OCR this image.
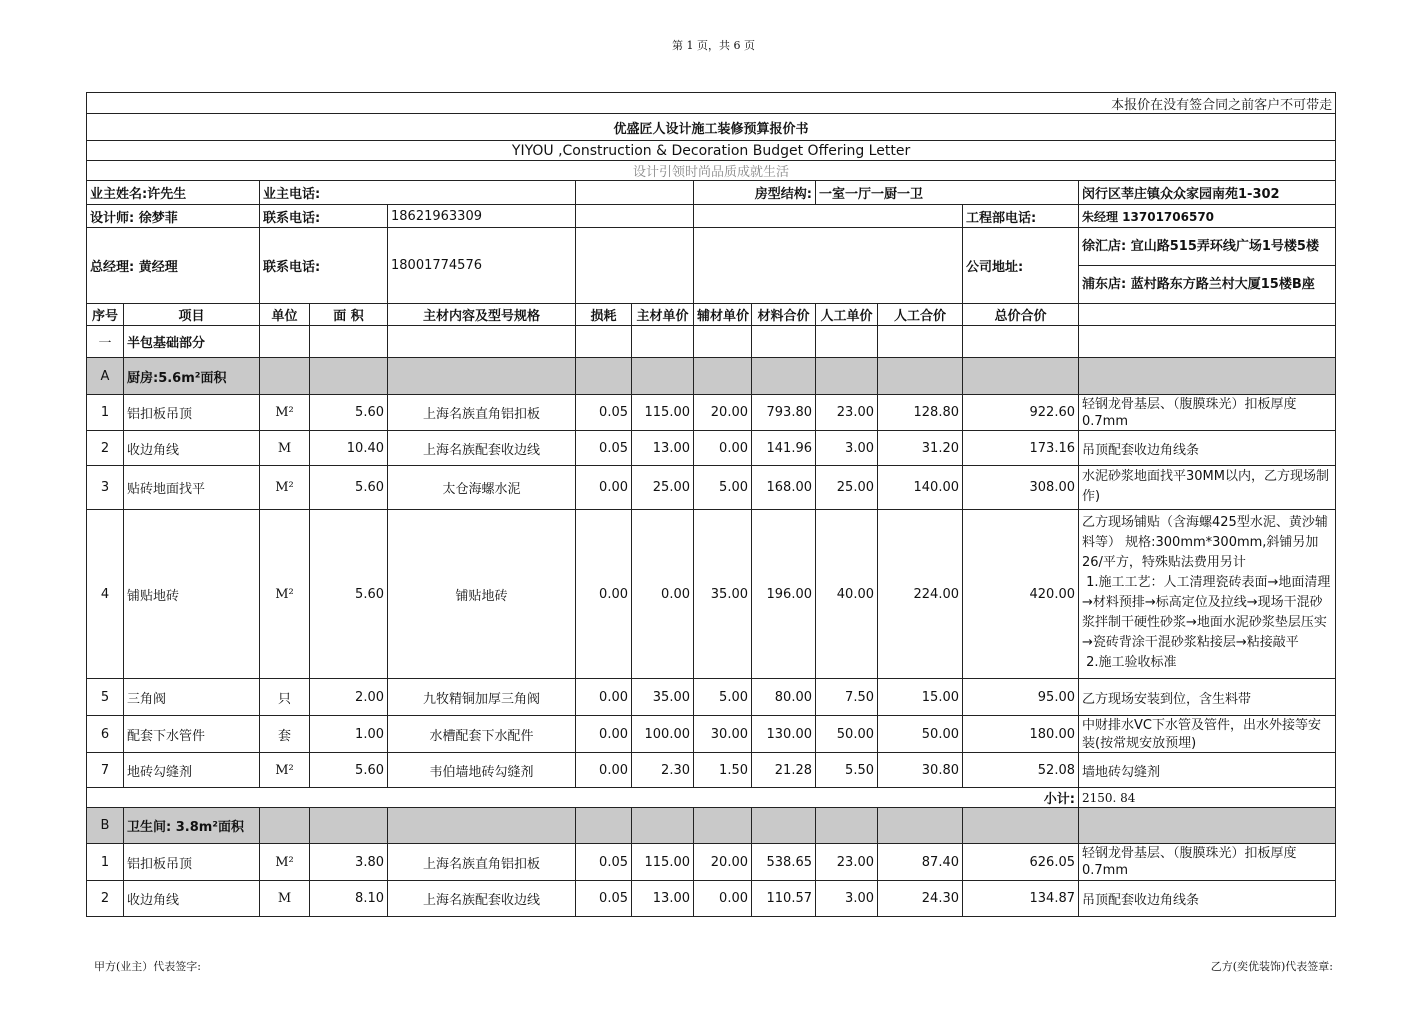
第 1 页，共 6 页
本报价在没有签合同之前客户不可带走												
优盛匠人设计施工装修预算报价书												
YIYOU ,Construction & Decoration Budget Offering Letter												
设计引领时尚品质成就生活												
业主姓名:许先生		业主电话:					房型结构:		一室一厅一厨一卫			闵行区莘庄镇众众家园南苑1-302
设计师: 徐梦菲		联系电话:		18621963309							工程部电话:	朱经理 13701706570
总经理: 黄经理		联系电话:		18001774576							公司地址:	徐汇店: 宜山路515弄环线广场1号楼5楼
浦东店: 蓝村路东方路兰村大厦15楼B座

序号	项目	单位	面 积	主材内容及型号规格	损耗	主材单价	辅材单价	材料合价	人工单价	人工合价	总价合价	
一	半包基础部分											
A	厨房:5.6m²面积											
1	铝扣板吊顶	M²	5.60	上海名族直角铝扣板	0.05	115.00	20.00	793.80	23.00	128.80	922.60	轻钢龙骨基层、（腹膜珠光）扣板厚度0.7mm

2	收边角线	M	10.40	上海名族配套收边线	0.05	13.00	0.00	141.96	3.00	31.20	173.16	吊顶配套收边角线条
3	贴砖地面找平	M²	5.60	太仓海螺水泥	0.00	25.00	5.00	168.00	25.00	140.00	308.00	水泥砂浆地面找平30MM以内，乙方现场制作)

4	铺贴地砖	M²	5.60	铺贴地砖	0.00	0.00	35.00	196.00	40.00	224.00	420.00	乙方现场铺贴（含海螺425型水泥、黄沙辅料等） 规格:300mm*300mm,斜铺另加26/平方，特殊贴法费用另计
1.施工工艺：人工清理瓷砖表面→地面清理→材料预排→标高定位及拉线→现场干混砂浆拌制干硬性砂浆→地面水泥砂浆垫层压实→瓷砖背涂干混砂浆粘接层→粘接敲平
2.施工验收标准

5	三角阀	只	2.00	九牧精铜加厚三角阀	0.00	35.00	5.00	80.00	7.50	15.00	95.00	乙方现场安装到位，含生料带
6	配套下水管件	套	1.00	水槽配套下水配件	0.00	100.00	30.00	130.00	50.00	50.00	180.00	中财排水VC下水管及管件，出水外接等安装(按常规安放预埋)

7	地砖勾缝剂	M²	5.60	韦伯墙地砖勾缝剂	0.00	2.30	1.50	21.28	5.50	30.80	52.08	墙地砖勾缝剂
小计:												2150. 84
B	卫生间: 3.8m²面积											
1	铝扣板吊顶	M²	3.80	上海名族直角铝扣板	0.05	115.00	20.00	538.65	23.00	87.40	626.05	轻钢龙骨基层、（腹膜珠光）扣板厚度0.7mm

2	收边角线	M	8.10	上海名族配套收边线	0.05	13.00	0.00	110.57	3.00	24.30	134.87	吊顶配套收边角线条
甲方(业主）代表签字:	乙方(奕优装饰)代表签章:
